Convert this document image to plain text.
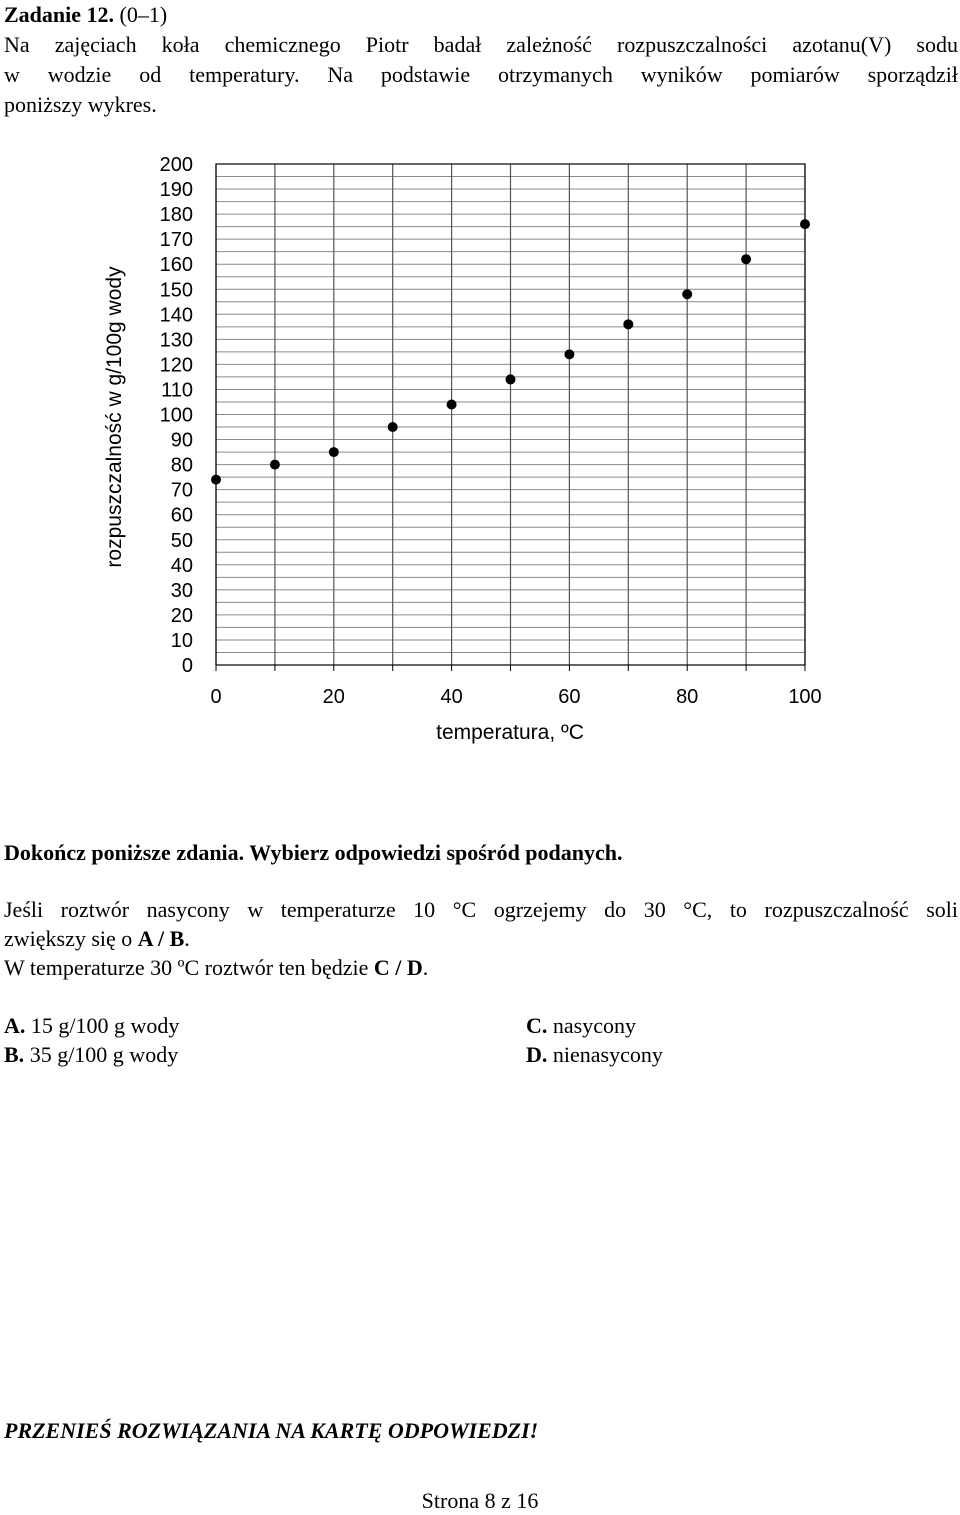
Zadanie 12. (0–1)

Na zajęciach koła chemicznego Piotr badał zależność rozpuszczalności azotanu(V) sodu

w wodzie od temperatury. Na podstawie otrzymanych wyników pomiarów sporządził

poniższy wykres.

0
10
20
30
40
50
60
70
80
90
100
110
120
130
140
150
160
170
180
190
200
0	20	40	60	80	100
temperatura, ºC
rozpuszczalność w g/100g wody
Dokończ poniższe zdania. Wybierz odpowiedzi spośród podanych.

Jeśli roztwór nasycony w temperaturze 10 °C ogrzejemy do 30 °C, to rozpuszczalność soli

zwiększy się o A / B.

W temperaturze 30 ºC roztwór ten będzie C / D.

A. 15 g/100 g wody
B. 35 g/100 g wody
C. nasycony
D. nienasycony
PRZENIEŚ ROZWIĄZANIA NA KARTĘ ODPOWIEDZI!
Strona 8 z 16
